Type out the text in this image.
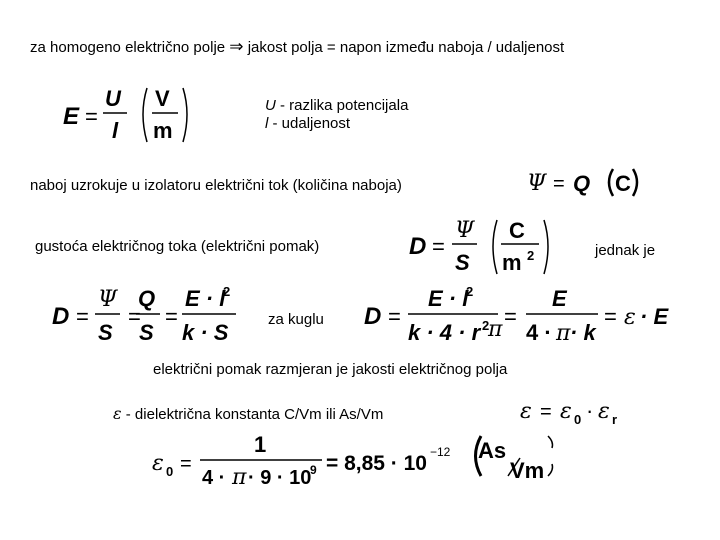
za homogeno električno polje ⇒ jakost polja = napon između naboja / udaljenost
E =
U
l
V
m
U - razlika potencijala
l - udaljenost
naboj uzrokuje u izolatoru električni tok (količina naboja)	Ψ = Q C
gustoća električnog toka (električni pomak)	D =
Ψ
S
C
m 2	jednak je
D =
Ψ
S
=
Q
S
=
E · l
2
k · S
za kuglu D =
E · l
2
k · 4 · r 2
π
=
E
4 · π · k
= ε · E
električni pomak razmjeran je jakosti električnog polja
ε - dielektrična konstanta C/Vm ili As/Vm	ε = ε 0 · ε r
ε 0 =
1
4 · π · 9 · 10
9 = 8,85 · 10 −12 As
Vm
